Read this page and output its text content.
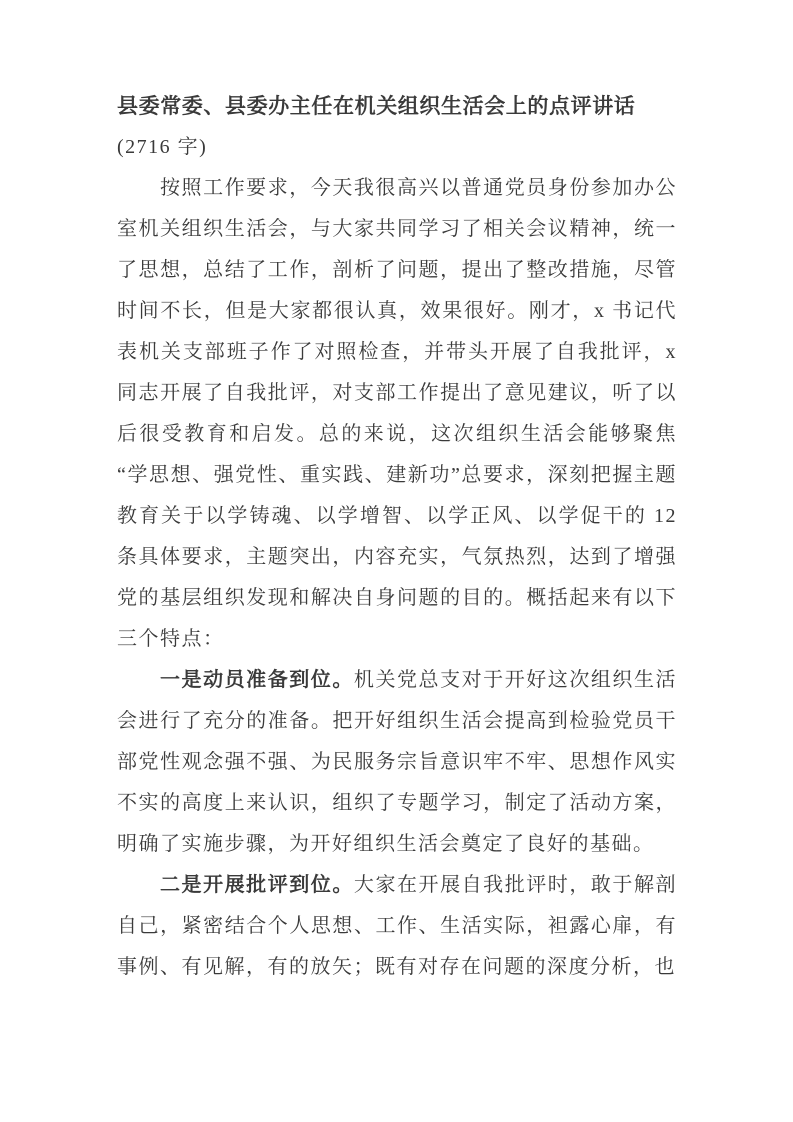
县委常委、县委办主任在机关组织生活会上的点评讲话

(2716 字)

按照工作要求，今天我很高兴以普通党员身份参加办公室机关组织生活会，与大家共同学习了相关会议精神，统一了思想，总结了工作，剖析了问题，提出了整改措施，尽管时间不长，但是大家都很认真，效果很好。刚才，x 书记代表机关支部班子作了对照检查，并带头开展了自我批评，x 同志开展了自我批评，对支部工作提出了意见建议，听了以后很受教育和启发。总的来说，这次组织生活会能够聚焦“学思想、强党性、重实践、建新功”总要求，深刻把握主题教育关于以学铸魂、以学增智、以学正风、以学促干的 12 条具体要求，主题突出，内容充实，气氛热烈，达到了增强党的基层组织发现和解决自身问题的目的。概括起来有以下三个特点：

一是动员准备到位。机关党总支对于开好这次组织生活会进行了充分的准备。把开好组织生活会提高到检验党员干部党性观念强不强、为民服务宗旨意识牢不牢、思想作风实不实的高度上来认识，组织了专题学习，制定了活动方案，明确了实施步骤，为开好组织生活会奠定了良好的基础。

二是开展批评到位。大家在开展自我批评时，敢于解剖自己，紧密结合个人思想、工作、生活实际，袒露心扉，有事例、有见解，有的放矢；既有对存在问题的深度分析，也
